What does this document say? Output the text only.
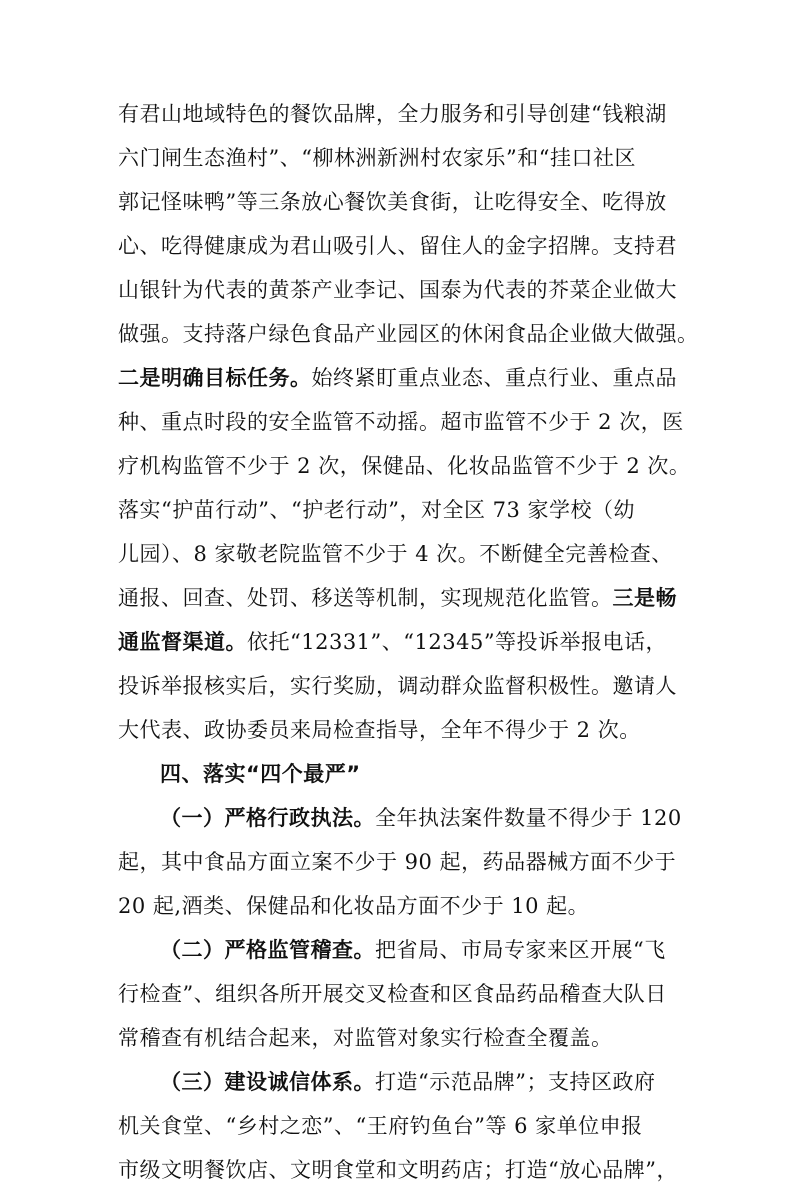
有君山地域特色的餐饮品牌，全力服务和引导创建“钱粮湖
六门闸生态渔村”、“柳林洲新洲村农家乐”和“挂口社区
郭记怪味鸭”等三条放心餐饮美食街，让吃得安全、吃得放
心、吃得健康成为君山吸引人、留住人的金字招牌。支持君
山银针为代表的黄茶产业李记、国泰为代表的芥菜企业做大
做强。支持落户绿色食品产业园区的休闲食品企业做大做强。
二是明确目标任务。始终紧盯重点业态、重点行业、重点品
种、重点时段的安全监管不动摇。超市监管不少于 2 次，医
疗机构监管不少于 2 次，保健品、化妆品监管不少于 2 次。
落实“护苗行动”、“护老行动”，对全区 73 家学校（幼
儿园）、8 家敬老院监管不少于 4 次。不断健全完善检查、
通报、回查、处罚、移送等机制，实现规范化监管。三是畅
通监督渠道。依托“12331”、“12345”等投诉举报电话，
投诉举报核实后，实行奖励，调动群众监督积极性。邀请人
大代表、政协委员来局检查指导，全年不得少于 2 次。
四、落实“四个最严”
（一）严格行政执法。全年执法案件数量不得少于 120
起，其中食品方面立案不少于 90 起，药品器械方面不少于
20 起,酒类、保健品和化妆品方面不少于 10 起。
（二）严格监管稽查。把省局、市局专家来区开展“飞
行检查”、组织各所开展交叉检查和区食品药品稽查大队日
常稽查有机结合起来，对监管对象实行检查全覆盖。
（三）建设诚信体系。打造“示范品牌”；支持区政府
机关食堂、“乡村之恋”、“王府钓鱼台”等 6 家单位申报
市级文明餐饮店、文明食堂和文明药店；打造“放心品牌”，
